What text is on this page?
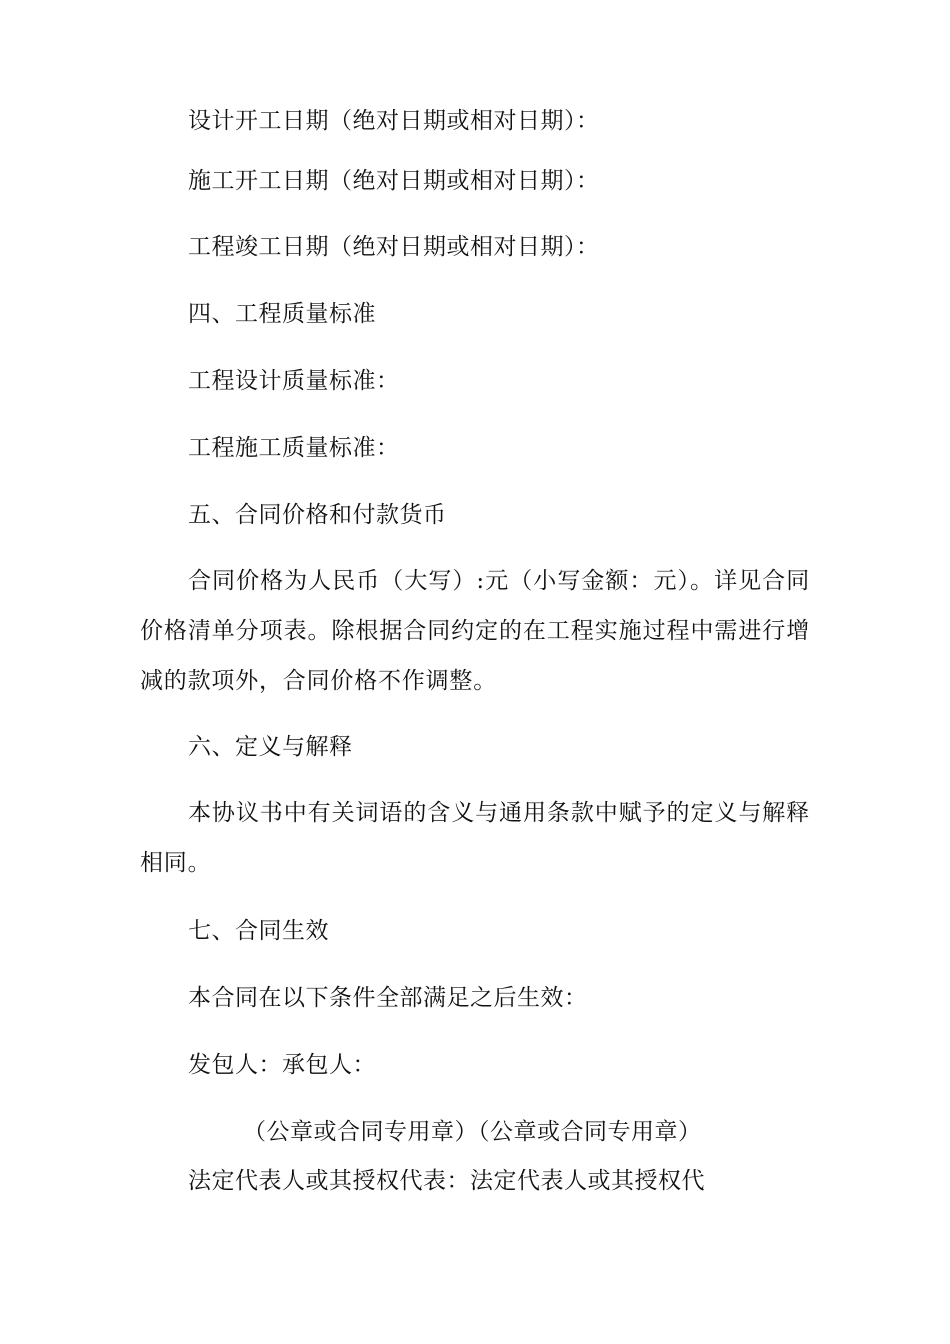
设计开工日期（绝对日期或相对日期）：
施工开工日期（绝对日期或相对日期）：
工程竣工日期（绝对日期或相对日期）：
四、工程质量标准
工程设计质量标准：
工程施工质量标准：
五、合同价格和付款货币
合同价格为人民币（大写）:元（小写金额：元）。详见合同价格清单分项表。除根据合同约定的在工程实施过程中需进行增减的款项外，合同价格不作调整。
六、定义与解释
本协议书中有关词语的含义与通用条款中赋予的定义与解释相同。
七、合同生效
本合同在以下条件全部满足之后生效：
发包人：承包人：
（公章或合同专用章）（公章或合同专用章）
法定代表人或其授权代表：法定代表人或其授权代
